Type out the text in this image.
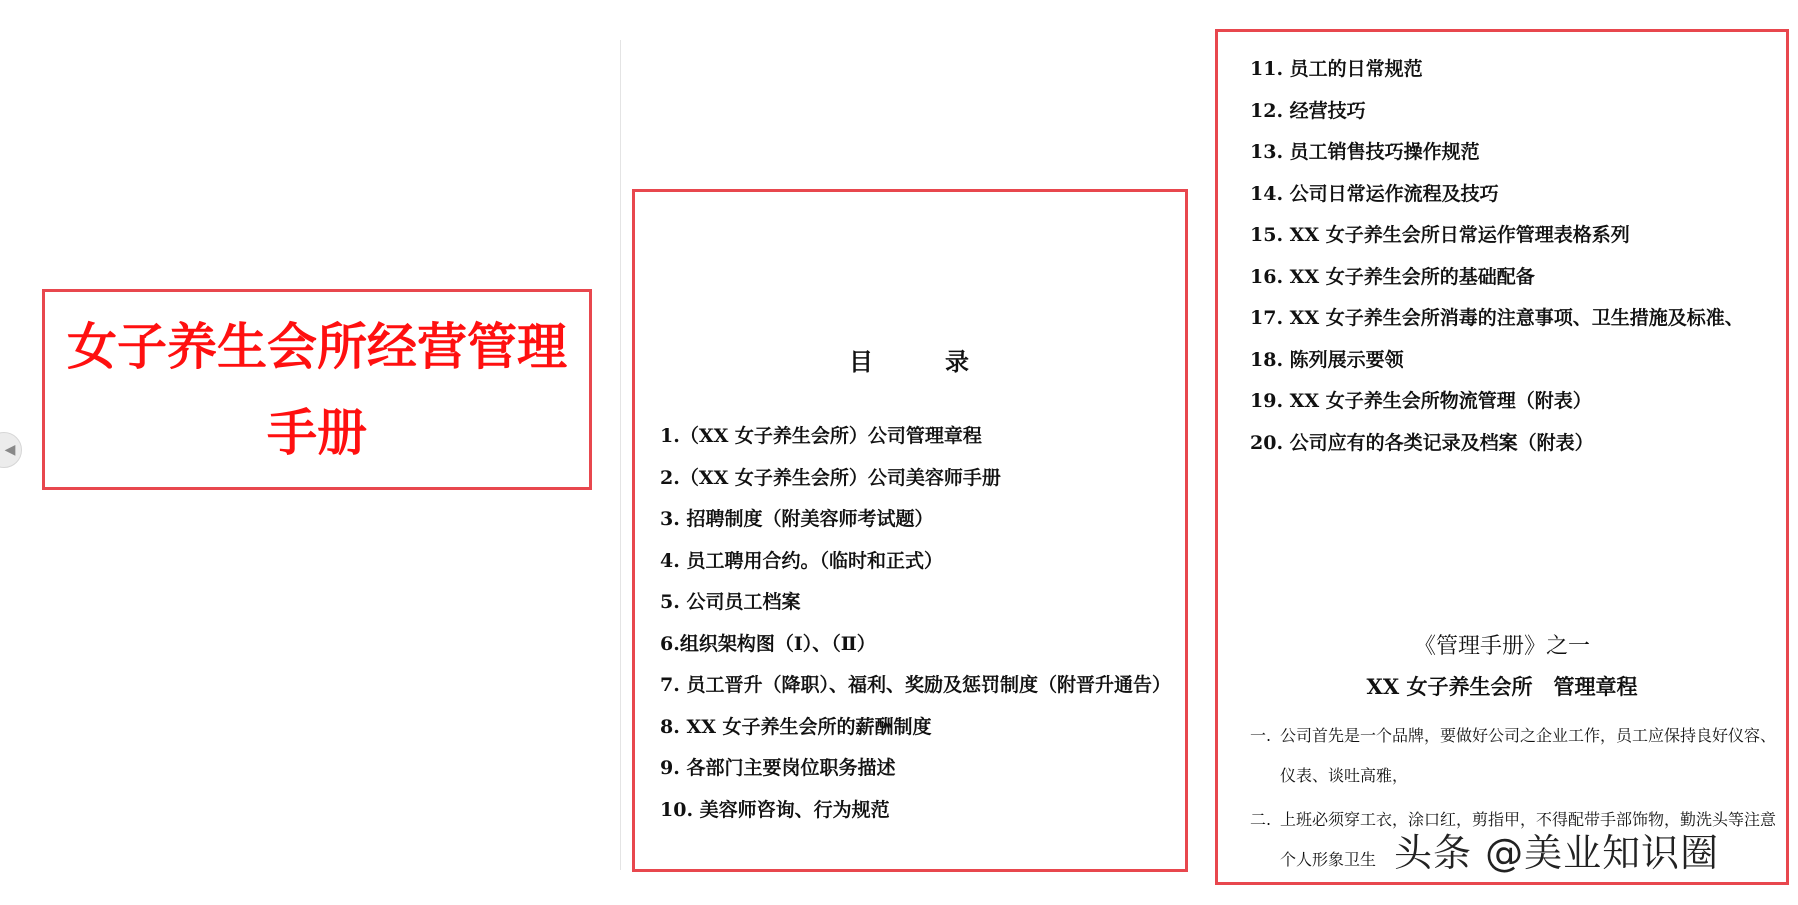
◀

女子养生会所经营管理手册

目	录
1.（XX 女子养生会所）公司管理章程
2.（XX 女子养生会所）公司美容师手册
3. 招聘制度（附美容师考试题）
4. 员工聘用合约。（临时和正式）
5. 公司员工档案
6.组织架构图（Ⅰ）、（Ⅱ）
7. 员工晋升（降职）、福利、奖励及惩罚制度（附晋升通告）
8. XX 女子养生会所的薪酬制度
9. 各部门主要岗位职务描述
10. 美容师咨询、行为规范
11. 员工的日常规范
12. 经营技巧
13. 员工销售技巧操作规范
14. 公司日常运作流程及技巧
15. XX 女子养生会所日常运作管理表格系列
16. XX 女子养生会所的基础配备
17. XX 女子养生会所消毒的注意事项、卫生措施及标准、
18. 陈列展示要领
19. XX 女子养生会所物流管理（附表）
20. 公司应有的各类记录及档案（附表）
《管理手册》之一
XX 女子养生会所　管理章程
一. 公司首先是一个品牌，要做好公司之企业工作，员工应保持良好仪容、仪表、谈吐高雅，
二. 上班必须穿工衣，涂口红，剪指甲，不得配带手部饰物，勤洗头等注意个人形象卫生 头条 @美业知识圈
